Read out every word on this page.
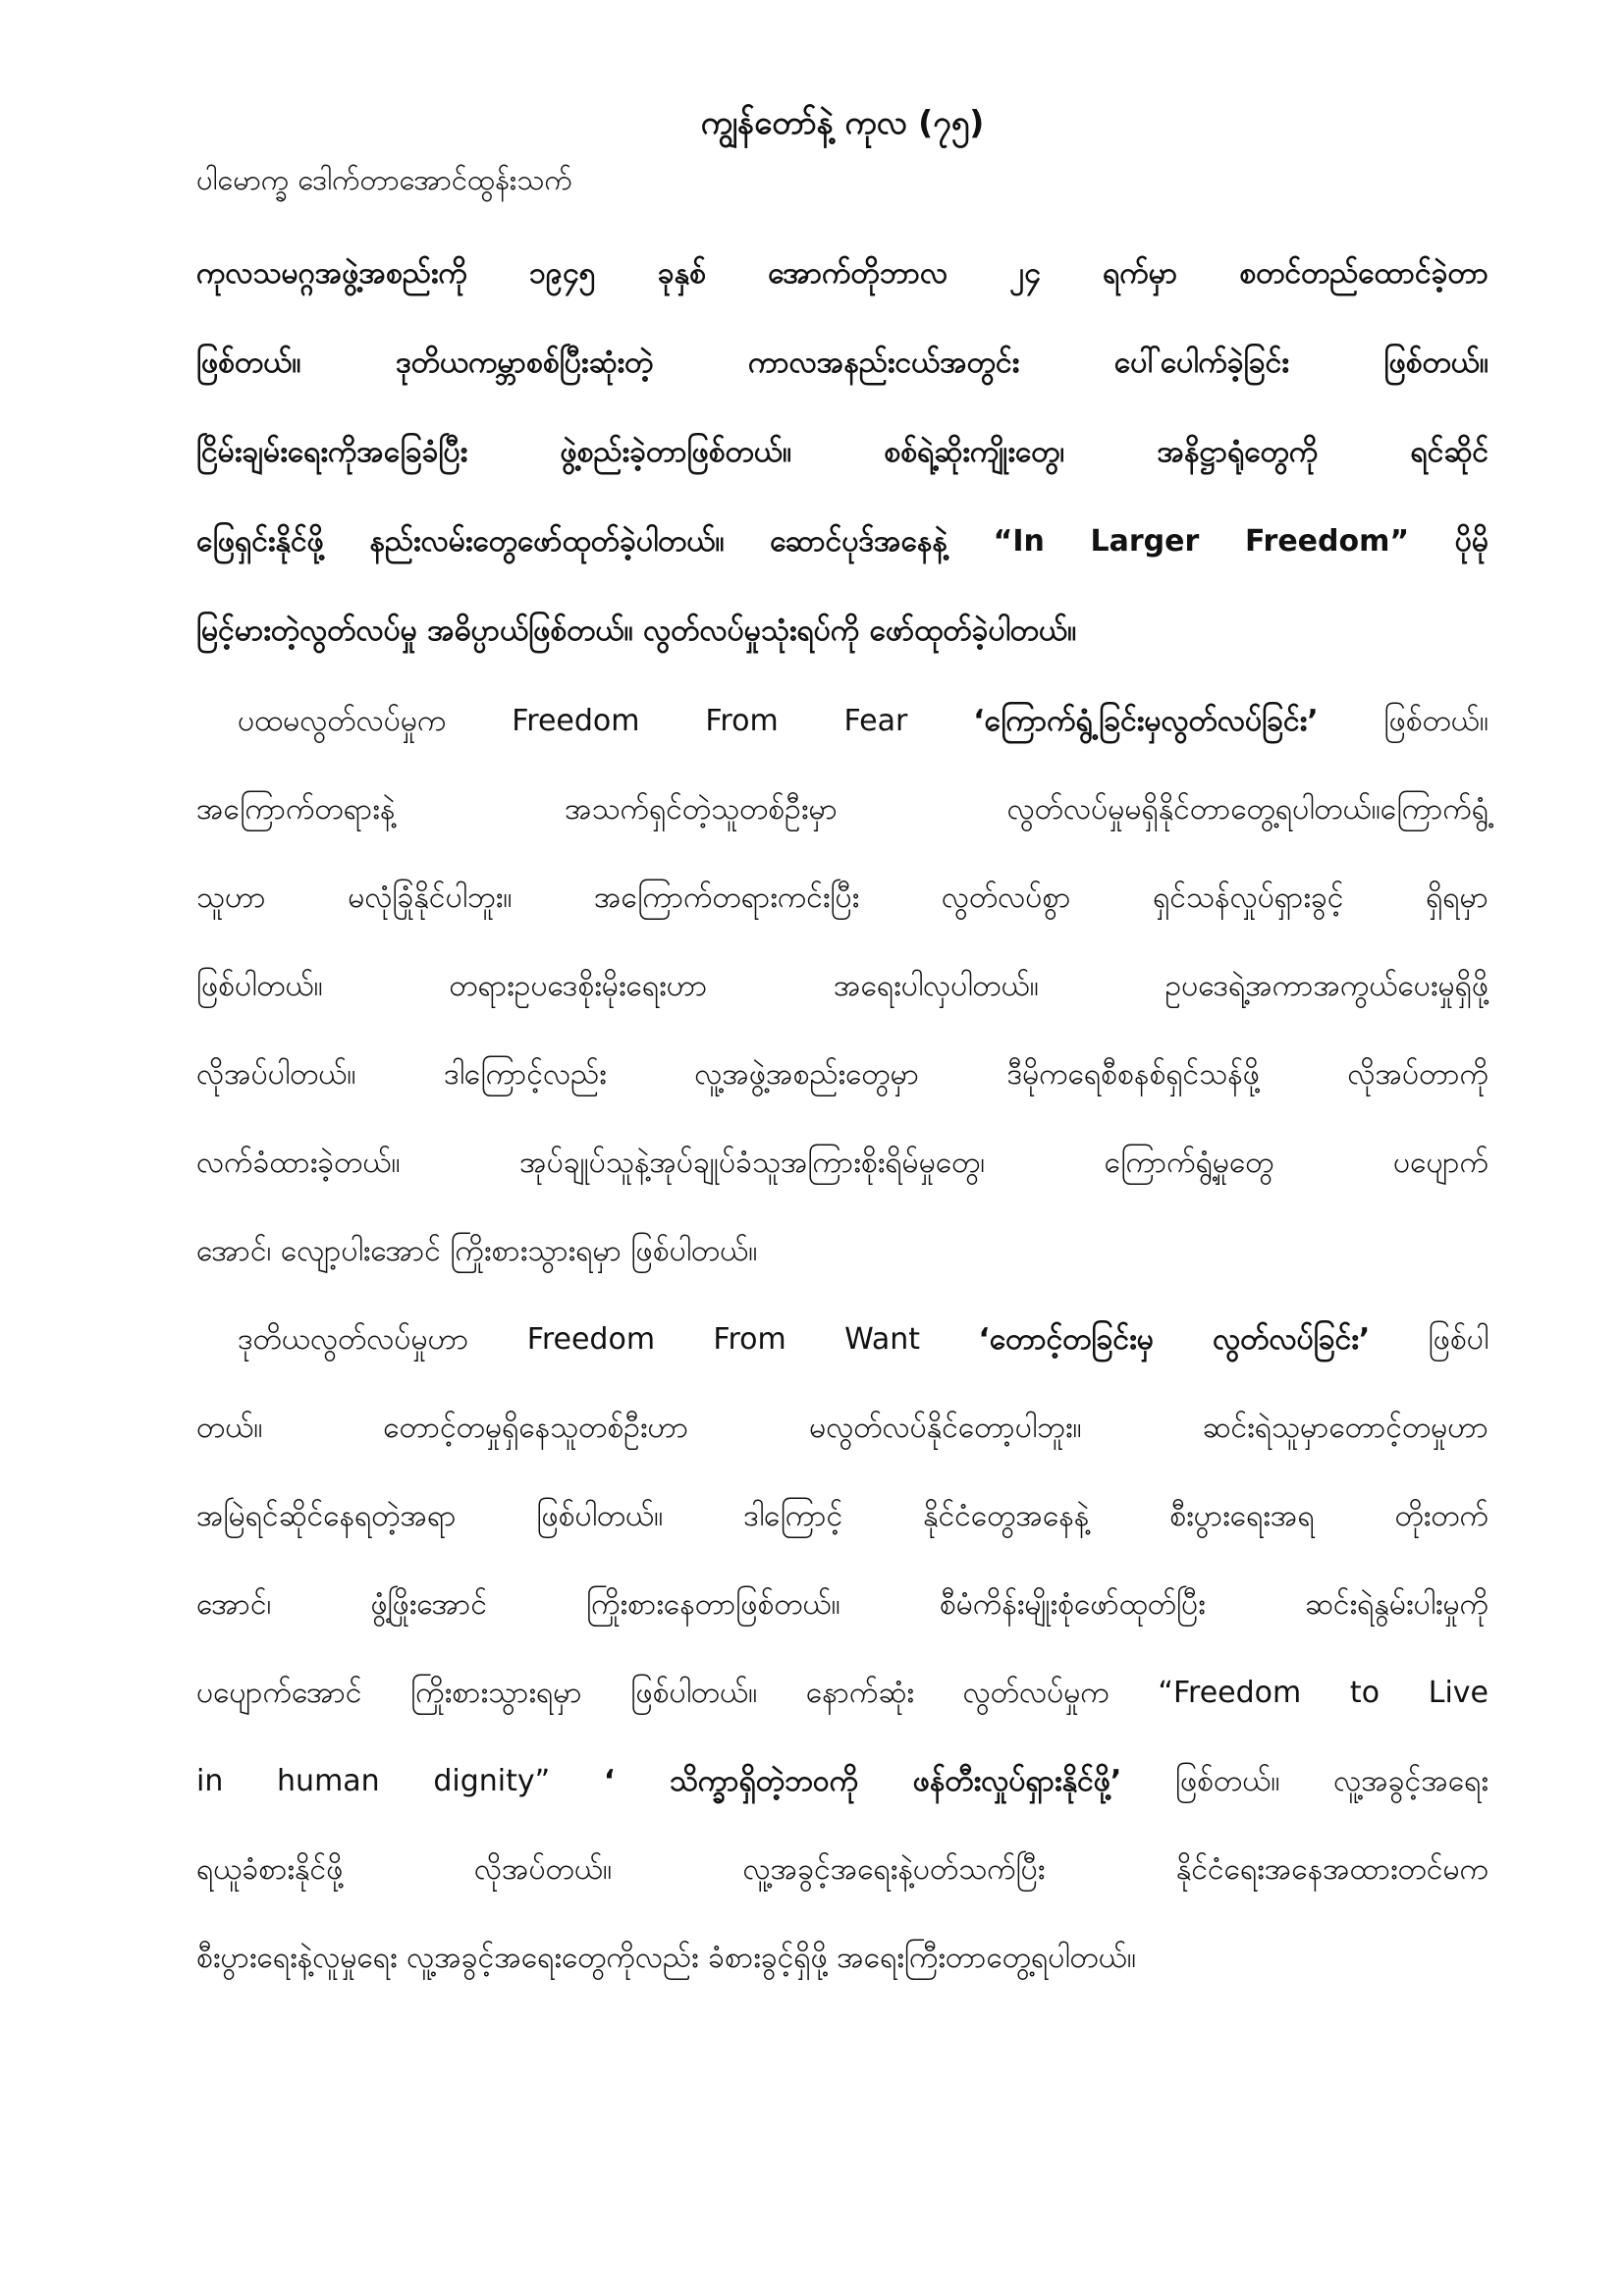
ကျွန်တော်နဲ့ ကုလ (၇၅)
ပါမောက္ခ ဒေါက်တာအောင်ထွန်းသက်
ကုလသမဂ္ဂအဖွဲ့အစည်းကို ၁၉၄၅ ခုနှစ် အောက်တိုဘာလ ၂၄ ရက်မှာ စတင်တည်ထောင်ခဲ့တာ
ဖြစ်တယ်။ ဒုတိယကမ္ဘာစစ်ပြီးဆုံးတဲ့ ကာလအနည်းငယ်အတွင်း ပေါ်ပေါက်ခဲ့ခြင်း ဖြစ်တယ်။
ငြိမ်းချမ်းရေးကိုအခြေခံပြီး ဖွဲ့စည်းခဲ့တာဖြစ်တယ်။ စစ်ရဲ့ဆိုးကျိုးတွေ၊ အနိဋ္ဌာရုံတွေကို ရင်ဆိုင်
ဖြေရှင်းနိုင်ဖို့ နည်းလမ်းတွေဖော်ထုတ်ခဲ့ပါတယ်။ ဆောင်ပုဒ်အနေနဲ့ “In Larger Freedom” ပိုမို
မြင့်မားတဲ့လွတ်လပ်မှု အဓိပ္ပာယ်ဖြစ်တယ်။ လွတ်လပ်မှုသုံးရပ်ကို ဖော်ထုတ်ခဲ့ပါတယ်။
ပထမလွတ်လပ်မှုက Freedom From Fear ‘ကြောက်ရွံ့ခြင်းမှလွတ်လပ်ခြင်း’ ဖြစ်တယ်။
အကြောက်တရားနဲ့ အသက်ရှင်တဲ့သူတစ်ဦးမှာ လွတ်လပ်မှုမရှိနိုင်တာတွေ့ရပါတယ်။ကြောက်ရွံ့
သူဟာ မလုံခြုံနိုင်ပါဘူး။ အကြောက်တရားကင်းပြီး လွတ်လပ်စွာ ရှင်သန်လှုပ်ရှားခွင့် ရှိရမှာ
ဖြစ်ပါတယ်။ တရားဥပဒေစိုးမိုးရေးဟာ အရေးပါလှပါတယ်။ ဥပဒေရဲ့အကာအကွယ်ပေးမှုရှိဖို့
လိုအပ်ပါတယ်။ ဒါကြောင့်လည်း လူ့အဖွဲ့အစည်းတွေမှာ ဒီမိုကရေစီစနစ်ရှင်သန်ဖို့ လိုအပ်တာကို
လက်ခံထားခဲ့တယ်။ အုပ်ချုပ်သူနဲ့အုပ်ချုပ်ခံသူအကြားစိုးရိမ်မှုတွေ၊ ကြောက်ရွံ့မှုတွေ ပပျောက်
အောင်၊ လျော့ပါးအောင် ကြိုးစားသွားရမှာ ဖြစ်ပါတယ်။
ဒုတိယလွတ်လပ်မှုဟာ Freedom From Want ‘တောင့်တခြင်းမှ လွတ်လပ်ခြင်း’ ဖြစ်ပါ
တယ်။ တောင့်တမှုရှိနေသူတစ်ဦးဟာ မလွတ်လပ်နိုင်တော့ပါဘူး။ ဆင်းရဲသူမှာတောင့်တမှုဟာ
အမြဲရင်ဆိုင်နေရတဲ့အရာ ဖြစ်ပါတယ်။ ဒါကြောင့် နိုင်ငံတွေအနေနဲ့ စီးပွားရေးအရ တိုးတက်
အောင်၊ ဖွံ့ဖြိုးအောင် ကြိုးစားနေတာဖြစ်တယ်။ စီမံကိန်းမျိုးစုံဖော်ထုတ်ပြီး ဆင်းရဲနွမ်းပါးမှုကို
ပပျောက်အောင် ကြိုးစားသွားရမှာ ဖြစ်ပါတယ်။ နောက်ဆုံး လွတ်လပ်မှုက “Freedom to Live
in human dignity” ‘ သိက္ခာရှိတဲ့ဘဝကို ဖန်တီးလှုပ်ရှားနိုင်ဖို့’ ဖြစ်တယ်။ လူ့အခွင့်အရေး
ရယူခံစားနိုင်ဖို့ လိုအပ်တယ်။ လူ့အခွင့်အရေးနဲ့ပတ်သက်ပြီး နိုင်ငံရေးအနေအထားတင်မက
စီးပွားရေးနဲ့လူမှုရေး လူ့အခွင့်အရေးတွေကိုလည်း ခံစားခွင့်ရှိဖို့ အရေးကြီးတာတွေ့ရပါတယ်။
